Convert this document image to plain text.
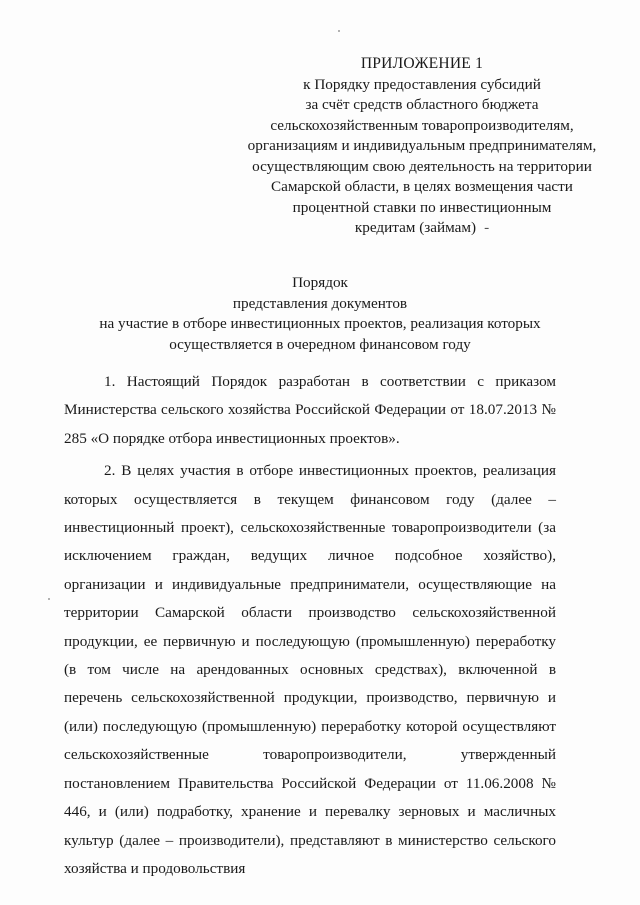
ПРИЛОЖЕНИЕ 1
к Порядку предоставления субсидий
за счёт средств областного бюджета
сельскохозяйственным товаропроизводителям,
организациям и индивидуальным предпринимателям,
осуществляющим свою деятельность на территории
Самарской области, в целях возмещения части
процентной ставки по инвестиционным
кредитам (займам) -
Порядок
представления документов
на участие в отборе инвестиционных проектов, реализация которых
осуществляется в очередном финансовом году

1. Настоящий Порядок разработан в соответствии с приказом Министерства сельского хозяйства Российской Федерации от 18.07.2013 № 285 «О порядке отбора инвестиционных проектов».

2. В целях участия в отборе инвестиционных проектов, реализация которых осуществляется в текущем финансовом году (далее – инвестиционный проект), сельскохозяйственные товаропроизводители (за исключением граждан, ведущих личное подсобное хозяйство), организации и индивидуальные предприниматели, осуществляющие на территории Самарской области производство сельскохозяйственной продукции, ее первичную и последующую (промышленную) переработку (в том числе на арендованных основных средствах), включенной в перечень сельскохозяйственной продукции, производство, первичную и (или) последующую (промышленную) переработку которой осуществляют сельскохозяйственные товаропроизводители, утвержденный постановлением Правительства Российской Федерации от 11.06.2008 № 446, и (или) подработку, хранение и перевалку зерновых и масличных культур (далее – производители), представляют в министерство сельского хозяйства и продовольствия
